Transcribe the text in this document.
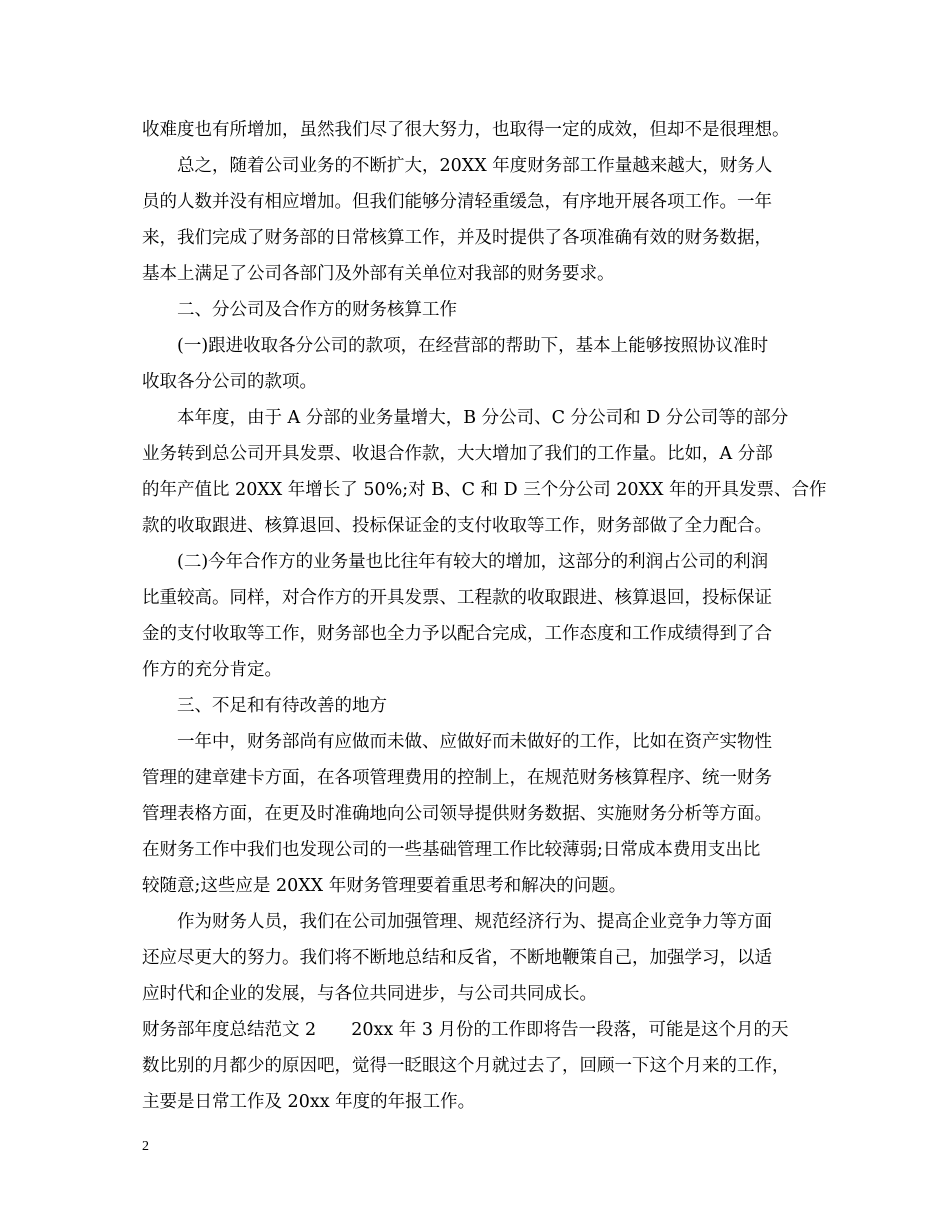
收难度也有所增加，虽然我们尽了很大努力，也取得一定的成效，但却不是很理想。
总之，随着公司业务的不断扩大，20XX 年度财务部工作量越来越大，财务人
员的人数并没有相应增加。但我们能够分清轻重缓急，有序地开展各项工作。一年
来，我们完成了财务部的日常核算工作，并及时提供了各项准确有效的财务数据，
基本上满足了公司各部门及外部有关单位对我部的财务要求。
二、分公司及合作方的财务核算工作
(一)跟进收取各分公司的款项，在经营部的帮助下，基本上能够按照协议准时
收取各分公司的款项。
本年度，由于 A 分部的业务量增大，B 分公司、C 分公司和 D 分公司等的部分
业务转到总公司开具发票、收退合作款，大大增加了我们的工作量。比如，A 分部
的年产值比 20XX 年增长了 50%;对 B、C 和 D 三个分公司 20XX 年的开具发票、合作
款的收取跟进、核算退回、投标保证金的支付收取等工作，财务部做了全力配合。
(二)今年合作方的业务量也比往年有较大的增加，这部分的利润占公司的利润
比重较高。同样，对合作方的开具发票、工程款的收取跟进、核算退回，投标保证
金的支付收取等工作，财务部也全力予以配合完成，工作态度和工作成绩得到了合
作方的充分肯定。
三、不足和有待改善的地方
一年中，财务部尚有应做而未做、应做好而未做好的工作，比如在资产实物性
管理的建章建卡方面，在各项管理费用的控制上，在规范财务核算程序、统一财务
管理表格方面，在更及时准确地向公司领导提供财务数据、实施财务分析等方面。
在财务工作中我们也发现公司的一些基础管理工作比较薄弱;日常成本费用支出比
较随意;这些应是 20XX 年财务管理要着重思考和解决的问题。
作为财务人员，我们在公司加强管理、规范经济行为、提高企业竞争力等方面
还应尽更大的努力。我们将不断地总结和反省，不断地鞭策自己，加强学习，以适
应时代和企业的发展，与各位共同进步，与公司共同成长。
财务部年度总结范文 2　　20xx 年 3 月份的工作即将告一段落，可能是这个月的天
数比别的月都少的原因吧，觉得一眨眼这个月就过去了，回顾一下这个月来的工作，
主要是日常工作及 20xx 年度的年报工作。
2
